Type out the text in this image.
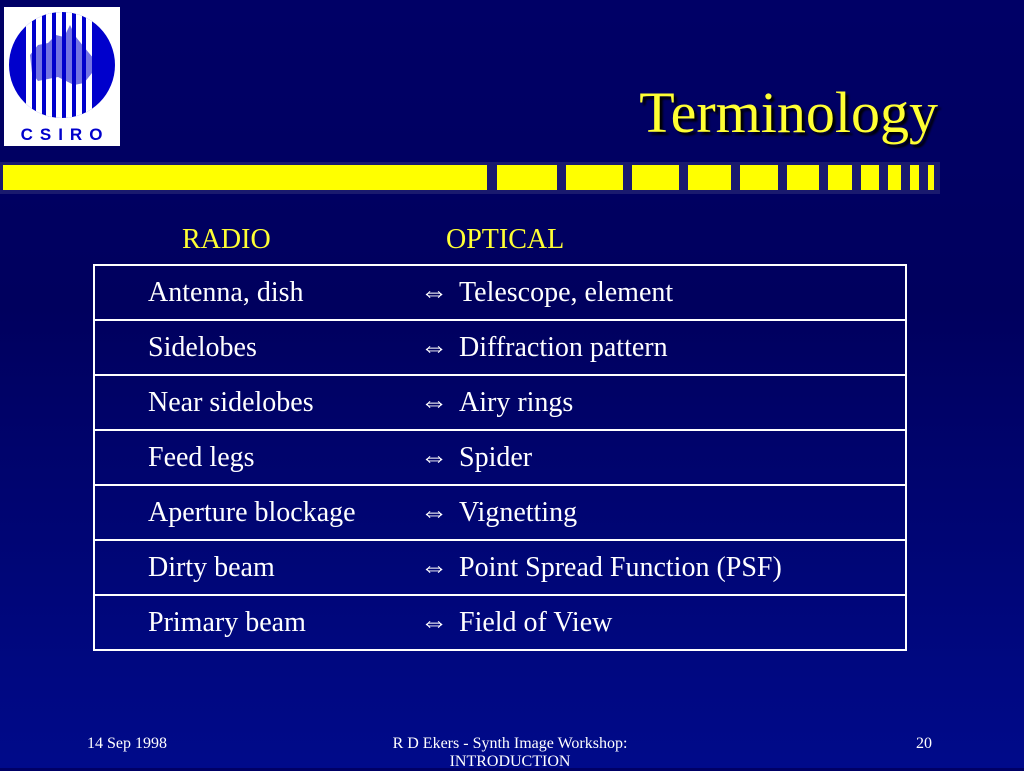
CSIRO	Terminology
RADIO	OPTICAL
Antenna, dish	⇔	Telescope, element
Sidelobes	⇔	Diffraction pattern
Near sidelobes	⇔	Airy rings
Feed legs	⇔	Spider
Aperture blockage	⇔	Vignetting
Dirty beam	⇔	Point Spread Function (PSF)
Primary beam	⇔	Field of View
14 Sep 1998	R D Ekers - Synth Image Workshop: INTRODUCTION
20
